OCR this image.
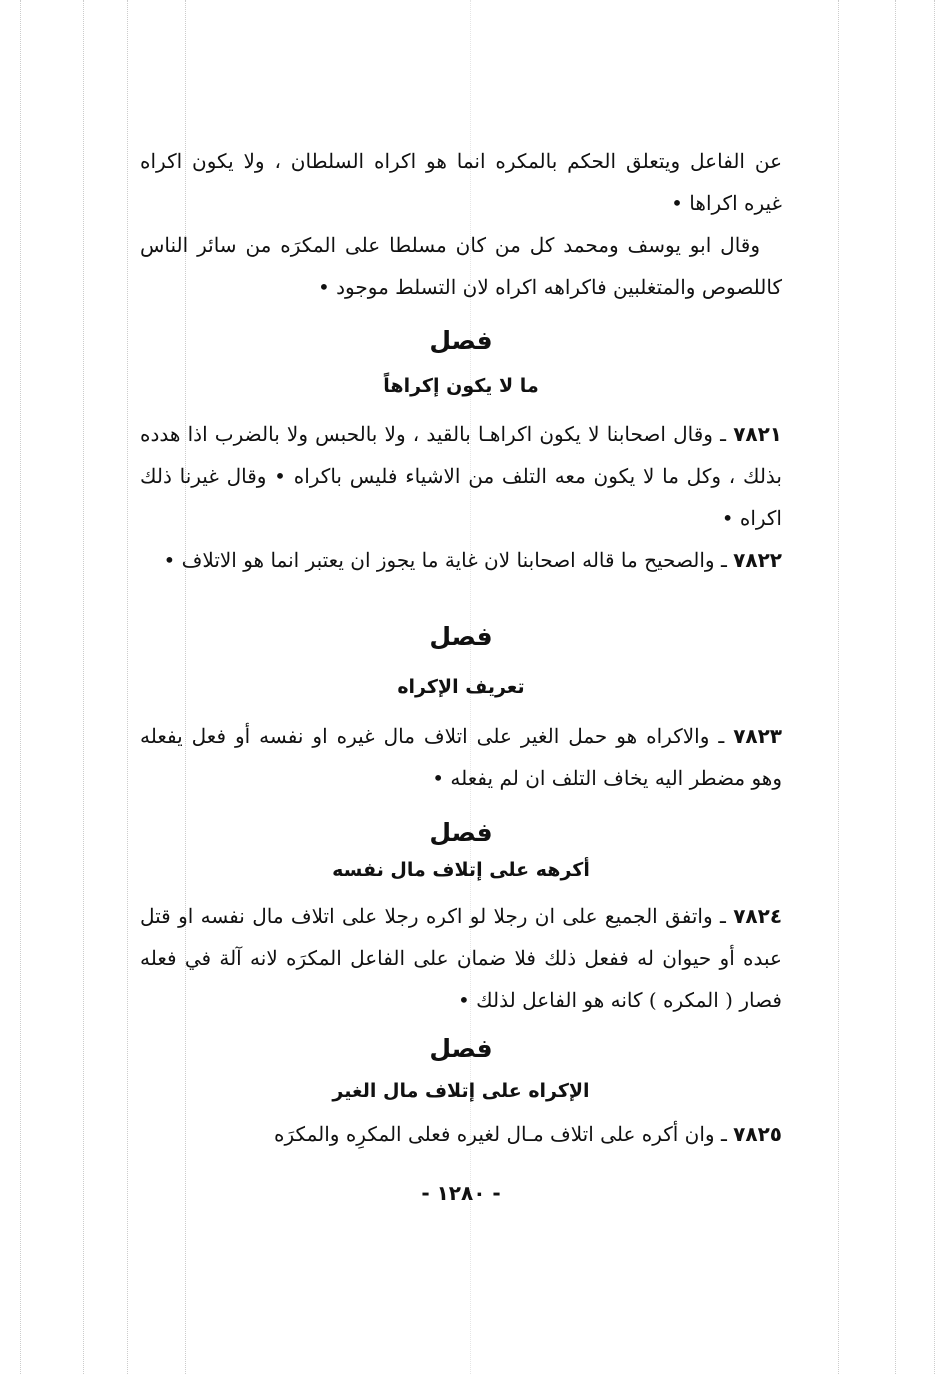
عن الفاعل ويتعلق الحكم بالمكره انما هو اكراه السلطان ، ولا يكون اكراه غيره اكراها •

وقال ابو يوسف ومحمد كل من كان مسلطا على المكرَه من سائر الناس كاللصوص والمتغلبين فاكراهه اكراه لان التسلط موجود •

فصل
ما لا يكون إكراهاً

٧٨٢١ ـ وقال اصحابنا لا يكون اكراهـا بالقيد ، ولا بالحبس ولا بالضرب اذا هدده بذلك ، وكل ما لا يكون معه التلف من الاشياء فليس باكراه • وقال غيرنا ذلك اكراه •

٧٨٢٢ ـ والصحيح ما قاله اصحابنا لان غاية ما يجوز ان يعتبر انما هو الاتلاف •

فصل
تعريف الإكراه

٧٨٢٣ ـ والاكراه هو حمل الغير على اتلاف مال غيره او نفسه أو فعل يفعله وهو مضطر اليه يخاف التلف ان لم يفعله •

فصل
أكرهه على إتلاف مال نفسه

٧٨٢٤ ـ واتفق الجميع على ان رجلا لو اكره رجلا على اتلاف مال نفسه او قتل عبده أو حيوان له ففعل ذلك فلا ضمان على الفاعل المكرَه لانه آلة في فعله فصار ( المكره ) كانه هو الفاعل لذلك •

فصل
الإكراه على إتلاف مال الغير

٧٨٢٥ ـ وان أكره على اتلاف مـال لغيره فعلى المكرِه والمكرَه

- ١٢٨٠ -
